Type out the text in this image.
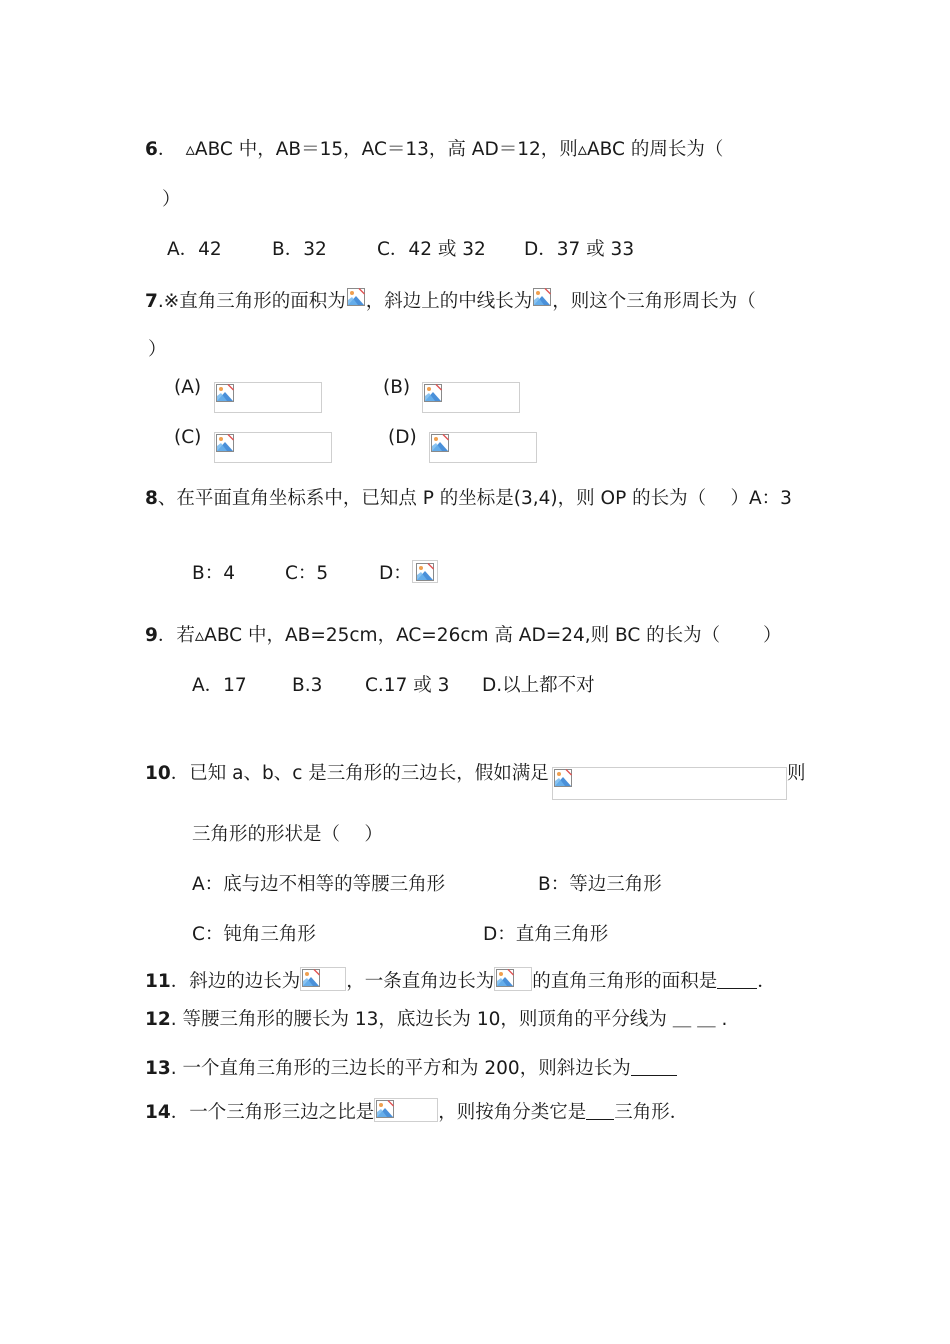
6．　▵ABC 中，AB＝15，AC＝13，高 AD＝12，则▵ABC 的周长为（
）
A．42	B．32	C．42 或 32 D．37 或 33
7.※直角三角形的面积为 ，斜边上的中线长为 ，则这个三角形周长为（
）
(A)	(B)
(C)	(D)
8、在平面直角坐标系中，已知点 P 的坐标是(3,4)，则 OP 的长为（　 ）A：3
B：4	C：5	D：
9．若▵ABC 中，AB=25cm，AC=26cm 高 AD=24,则 BC 的长为（　　 ）
A．17 B.3 C.17 或 3 D.以上都不对
10．已知 a、b、c 是三角形的三边长，假如满足	则
三角形的形状是（　 ）
A：底与边不相等的等腰三角形	B：等边三角形
C：钝角三角形	D：直角三角形
11．斜边的边长为 ，一条直角边长为 的直角三角形的面积是 ．
12. 等腰三角形的腰长为 13，底边长为 10，则顶角的平分线为 ＿ ＿ .
13. 一个直角三角形的三边长的平方和为 200，则斜边长为
14．一个三角形三边之比是	，则按角分类它是 三角形．
